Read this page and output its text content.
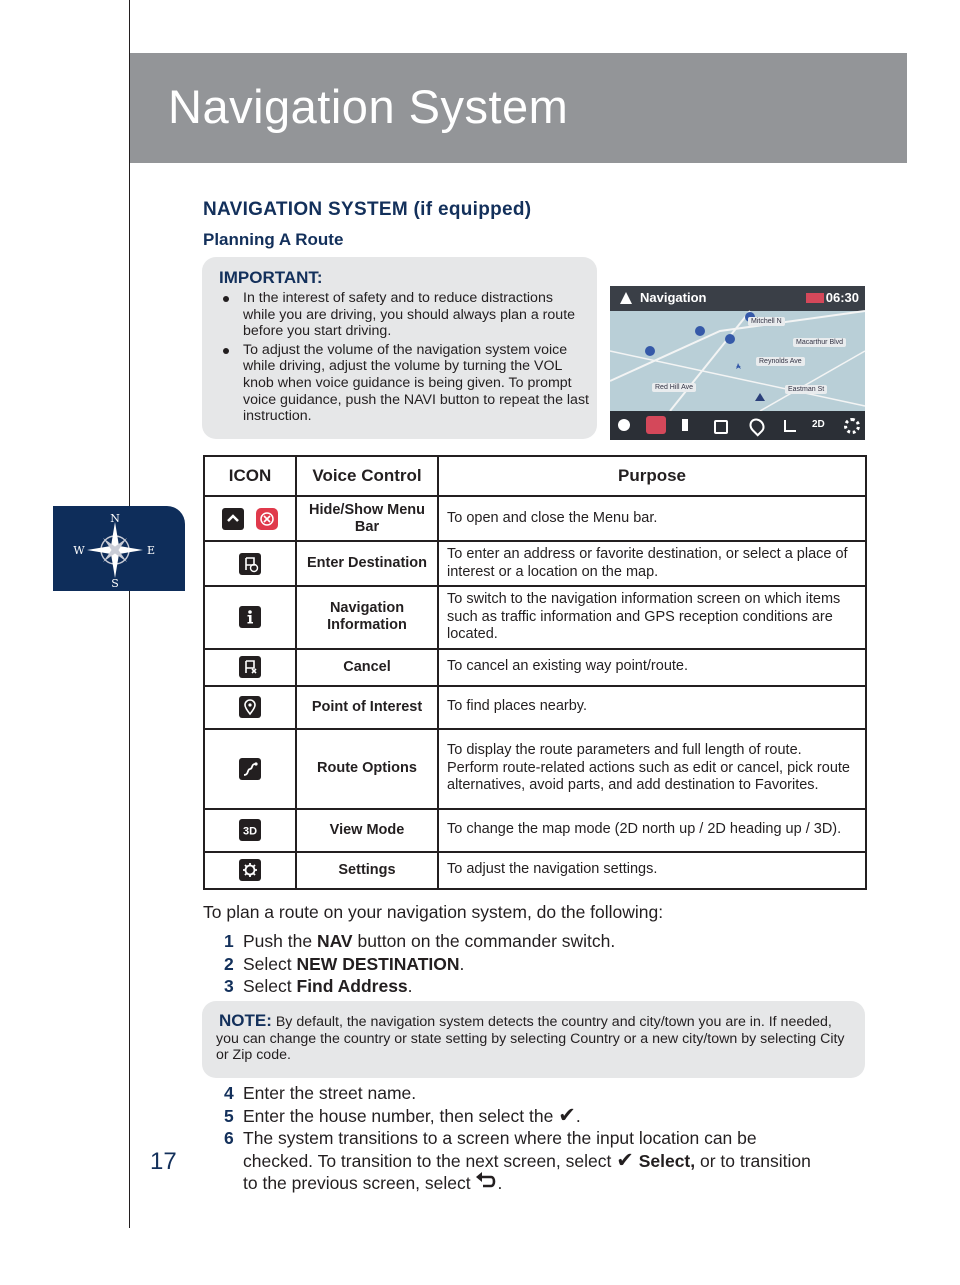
Navigation System
N
S
W	E
NAVIGATION SYSTEM (if equipped)
Planning A Route
IMPORTANT:
In the interest of safety and to reduce distractions while you are driving, you should always plan a route before you start driving.
To adjust the volume of the navigation system voice while driving, adjust the volume by turning the VOL knob when voice guidance is being given. To prompt voice guidance, push the NAVI button to repeat the last instruction.
Navigation	06:30
Mitchell N
Macarthur Blvd
Reynolds Ave
Red Hill Ave	Eastman St
2D
ICON	Voice Control	Purpose

	Hide/Show Menu Bar	To open and close the Menu bar.

	Enter Destination	To enter an address or favorite destination, or select a place of interest or a location on the map.

	Navigation Information	To switch to the navigation information screen on which items such as traffic information and GPS reception conditions are located.

	Cancel	To cancel an existing way point/route.

	Point of Interest	To find places nearby.

	Route Options	To display the route parameters and full length of route. Perform route-related actions such as edit or cancel, pick route alternatives, avoid parts, and add destination to Favorites.

3D	View Mode	To change the map mode (2D north up / 2D heading up / 3D).

	Settings	To adjust the navigation settings.
To plan a route on your navigation system, do the following:
1 Push the NAV button on the commander switch.
2 Select NEW DESTINATION.
3 Select Find Address.
NOTE: By default, the navigation system detects the country and city/town you are in. If needed, you can change the country or state setting by selecting Country or a new city/town by selecting City or Zip code.
4 Enter the street name.
5 Enter the house number, then select the ✔.
6 The system transitions to a screen where the input location can be
checked. To transition to the next screen, select ✔ Select, or to transition
to the previous screen, select .
17
